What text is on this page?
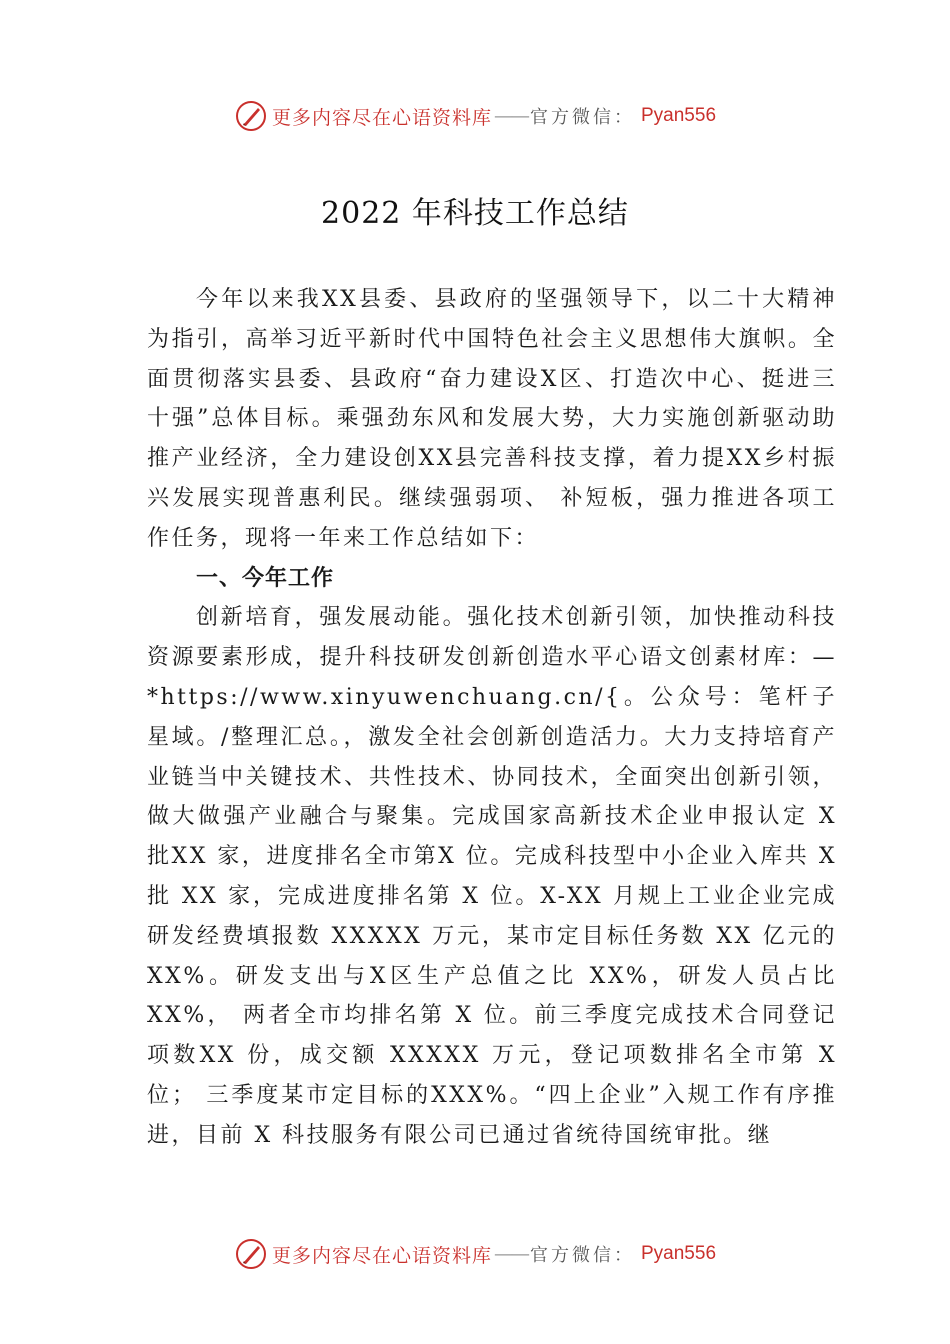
更多内容尽在心语资料库 —— 官方微信： Pyan556
2022 年科技工作总结

今年以来我XX县委、县政府的坚强领导下，以二十大精神为指引，高举习近平新时代中国特色社会主义思想伟大旗帜。全面贯彻落实县委、县政府“奋力建设X区、打造次中心、挺进三十强”总体目标。乘强劲东风和发展大势，大力实施创新驱动助推产业经济，全力建设创XX县完善科技支撑，着力提XX乡村振兴发展实现普惠利民。继续强弱项、 补短板，强力推进各项工作任务，现将一年来工作总结如下：

一、今年工作

创新培育，强发展动能。强化技术创新引领，加快推动科技资源要素形成，提升科技研发创新创造水平心语文创素材库：—*https://www.xinyuwenchuang.cn/{。公众号：笔杆子星域。/整理汇总。，激发全社会创新创造活力。大力支持培育产业链当中关键技术、共性技术、协同技术，全面突出创新引领，做大做强产业融合与聚集。完成国家高新技术企业申报认定 X 批XX 家，进度排名全市第X 位。完成科技型中小企业入库共 X 批 XX 家，完成进度排名第 X 位。X-XX 月规上工业企业完成研发经费填报数 XXXXX 万元，某市定目标任务数 XX 亿元的 XX%。研发支出与X区生产总值之比 XX%，研发人员占比 XX%， 两者全市均排名第 X 位。前三季度完成技术合同登记项数XX 份，成交额 XXXXX 万元，登记项数排名全市第 X 位； 三季度某市定目标的XXX%。“四上企业”入规工作有序推进，目前 X 科技服务有限公司已通过省统待国统审批。继

更多内容尽在心语资料库 —— 官方微信： Pyan556
